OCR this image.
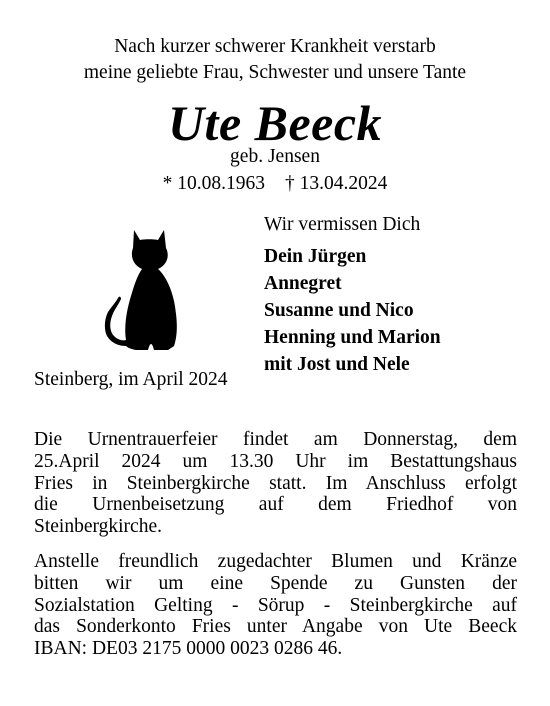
Nach kurzer schwerer Krankheit verstarb
meine geliebte Frau, Schwester und unsere Tante
Ute Beeck
geb. Jensen
* 10.08.1963 † 13.04.2024
Wir vermissen Dich
Dein Jürgen
Annegret
Susanne und Nico
Henning und Marion
mit Jost und Nele
Steinberg, im April 2024
Die Urnentrauerfeier findet am Donnerstag, dem
25.April 2024 um 13.30 Uhr im Bestattungshaus
Fries in Steinbergkirche statt. Im Anschluss erfolgt
die Urnenbeisetzung auf dem Friedhof von
Steinbergkirche.
Anstelle freundlich zugedachter Blumen und Kränze
bitten wir um eine Spende zu Gunsten der
Sozialstation Gelting - Sörup - Steinbergkirche auf
das Sonderkonto Fries unter Angabe von Ute Beeck
IBAN: DE03 2175 0000 0023 0286 46.
